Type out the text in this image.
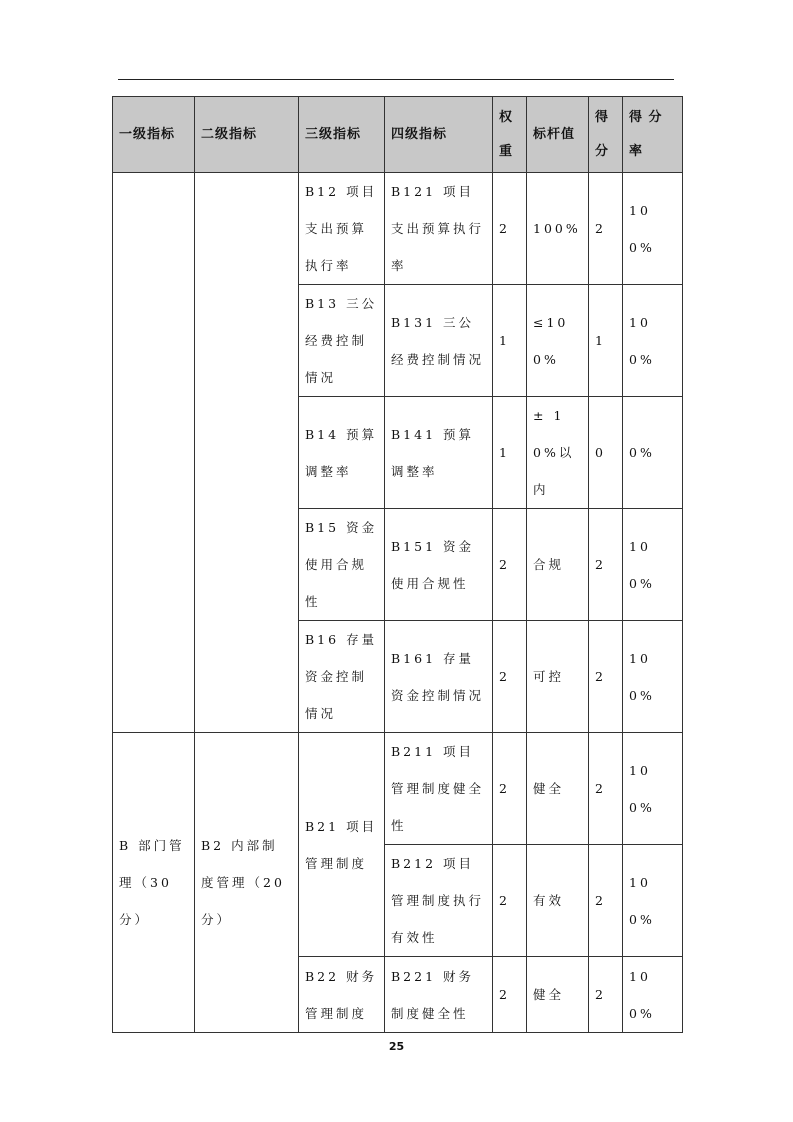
一级指标	二级指标	三级指标	四级指标	权重	标杆值	得分	得 分率
		B12 项目支出预算执行率	B121 项目支出预算执行率	2	100%	2	100%
		B13 三公经费控制情况	B131 三公经费控制情况	1	≤100%	1	100%
		B14 预算调整率	B141 预算调整率	1	± 10%以内	0	0%
		B15 资金使用合规性	B151 资金使用合规性	2	合规	2	100%
		B16 存量资金控制情况	B161 存量资金控制情况	2	可控	2	100%
B 部门管理（30分）	B2 内部制度管理（20分）	B21 项目管理制度	B211 项目管理制度健全性	2	健全	2	100%
			B212 项目管理制度执行有效性	2	有效	2	100%
		B22 财务管理制度	B221 财务制度健全性	2	健全	2	100%
25
